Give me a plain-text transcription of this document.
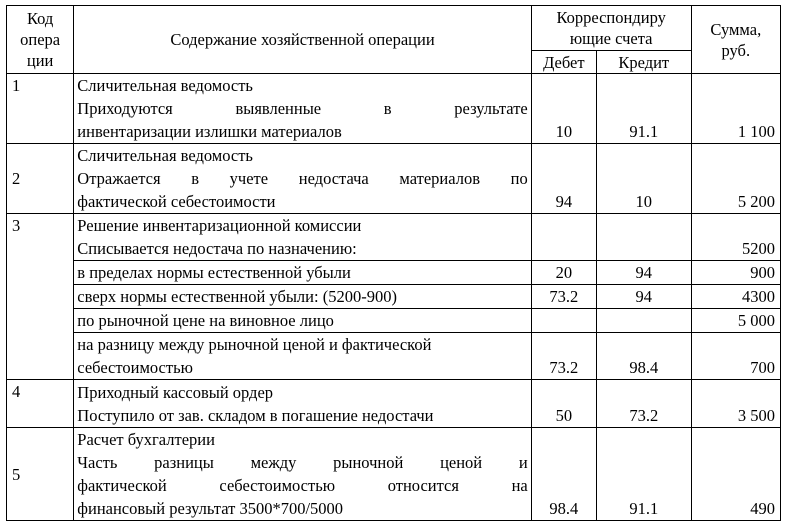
Код
опера
ции	Содержание хозяйственной операции	Корреспондиру
ющие счета		Сумма,
руб.

		Дебет	Кредит	
1	Сличительная ведомость
Приходуются выявленные в результате
инвентаризации излишки материалов	10	91.1	1 100
2	Сличительная ведомость
Отражается в учете недостача материалов по
фактической себестоимости	94	10	5 200
3	Решение инвентаризационной комиссии
Списывается недостача по назначению:			5200
	в пределах нормы естественной убыли	20	94	900
	сверх нормы естественной убыли: (5200-900)	73.2	94	4300
	по рыночной цене на виновное лицо			5 000

	на разницу между рыночной ценой и фактической
себестоимостью	73.2	98.4	700
4	Приходный кассовый ордер
Поступило от зав. складом в погашение недостачи	50	73.2	3 500
5	Расчет бухгалтерии
Часть разницы между рыночной ценой и
фактической себестоимостью относится на
финансовый результат 3500*700/5000	98.4	91.1	490
